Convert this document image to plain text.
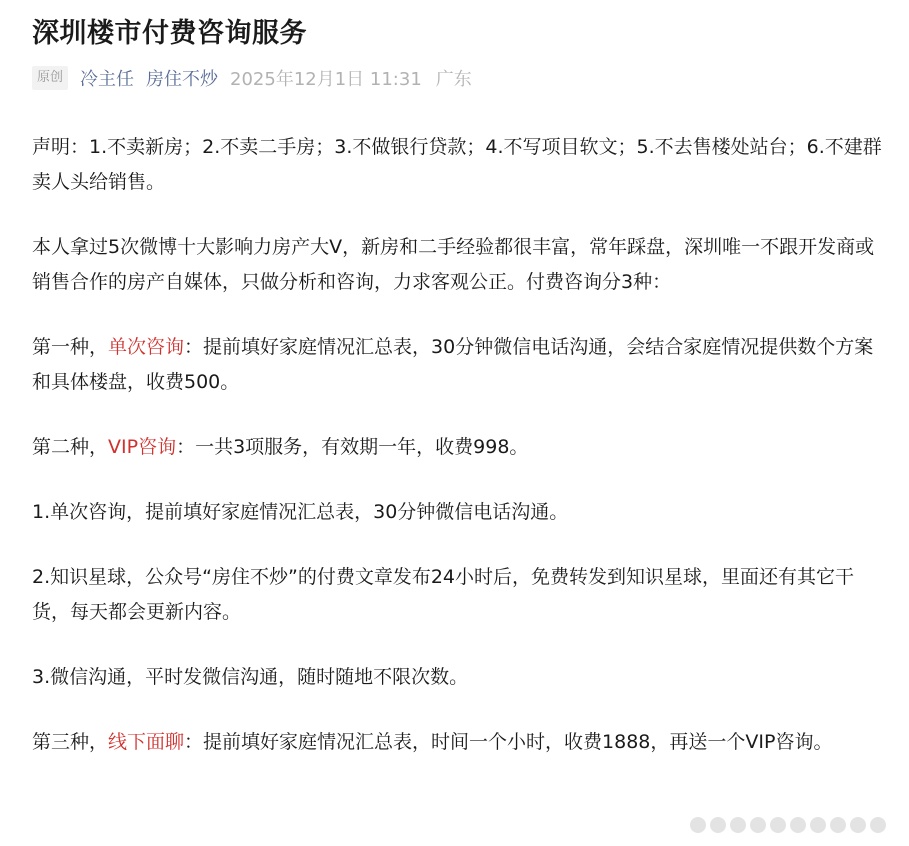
深圳楼市付费咨询服务
原创 冷主任 房住不炒 2025年12月1日 11:31 广东

声明：1.不卖新房；2.不卖二手房；3.不做银行贷款；4.不写项目软文；5.不去售楼处站台；6.不建群卖人头给销售。

本人拿过5次微博十大影响力房产大V，新房和二手经验都很丰富，常年踩盘，深圳唯一不跟开发商或销售合作的房产自媒体，只做分析和咨询，力求客观公正。付费咨询分3种：

第一种，单次咨询：提前填好家庭情况汇总表，30分钟微信电话沟通，会结合家庭情况提供数个方案和具体楼盘，收费500。

第二种，VIP咨询：一共3项服务，有效期一年，收费998。

1.单次咨询，提前填好家庭情况汇总表，30分钟微信电话沟通。

2.知识星球，公众号“房住不炒”的付费文章发布24小时后，免费转发到知识星球，里面还有其它干货，每天都会更新内容。

3.微信沟通，平时发微信沟通，随时随地不限次数。

第三种，线下面聊：提前填好家庭情况汇总表，时间一个小时，收费1888，再送一个VIP咨询。
